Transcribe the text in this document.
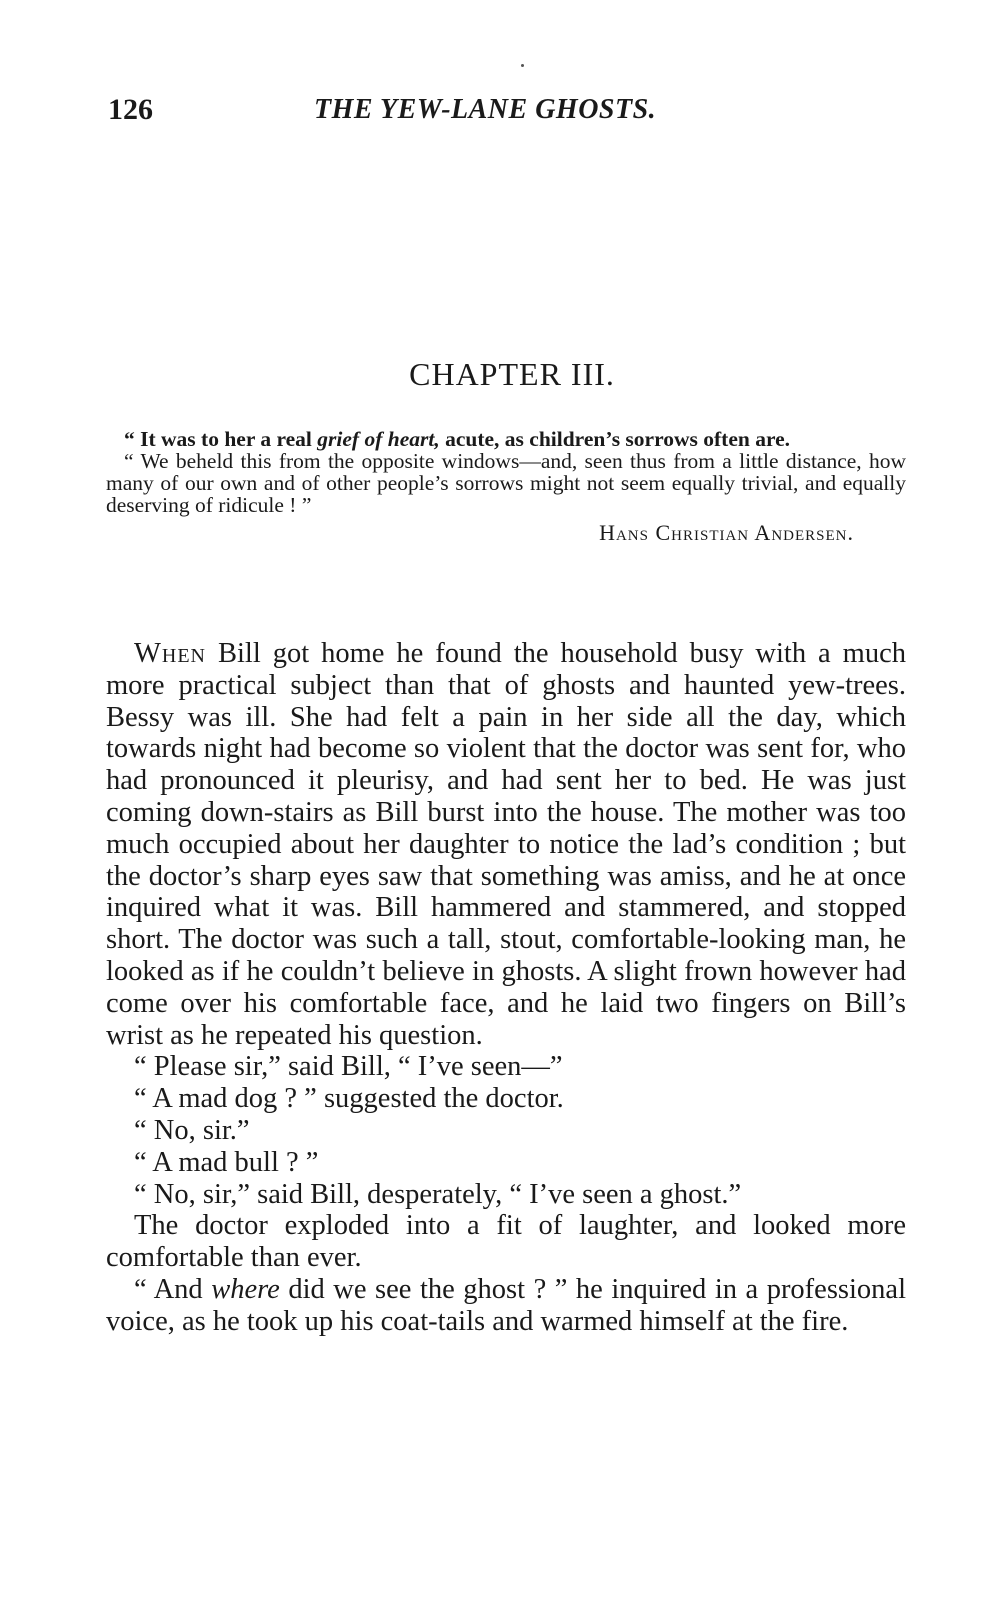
126	THE YEW-LANE GHOSTS.
CHAPTER III.

“ It was to her a real grief of heart, acute, as children’s sorrows often are.

“ We beheld this from the opposite windows—and, seen thus from a little distance, how many of our own and of other people’s sorrows might not seem equally trivial, and equally deserving of ridicule ! ”

Hans Christian Andersen.

When Bill got home he found the household busy with a much more practical subject than that of ghosts and haunted yew-trees. Bessy was ill. She had felt a pain in her side all the day, which towards night had become so violent that the doctor was sent for, who had pronounced it pleurisy, and had sent her to bed. He was just coming down-stairs as Bill burst into the house. The mother was too much occupied about her daughter to notice the lad’s condition ; but the doctor’s sharp eyes saw that something was amiss, and he at once inquired what it was. Bill hammered and stammered, and stopped short. The doctor was such a tall, stout, comfortable-looking man, he looked as if he couldn’t believe in ghosts. A slight frown however had come over his comfortable face, and he laid two fingers on Bill’s wrist as he repeated his question.

“ Please sir,” said Bill, “ I’ve seen—”

“ A mad dog ? ” suggested the doctor.

“ No, sir.”

“ A mad bull ? ”

“ No, sir,” said Bill, desperately, “ I’ve seen a ghost.”

The doctor exploded into a fit of laughter, and looked more comfortable than ever.

“ And where did we see the ghost ? ” he inquired in a professional voice, as he took up his coat-tails and warmed himself at the fire.
